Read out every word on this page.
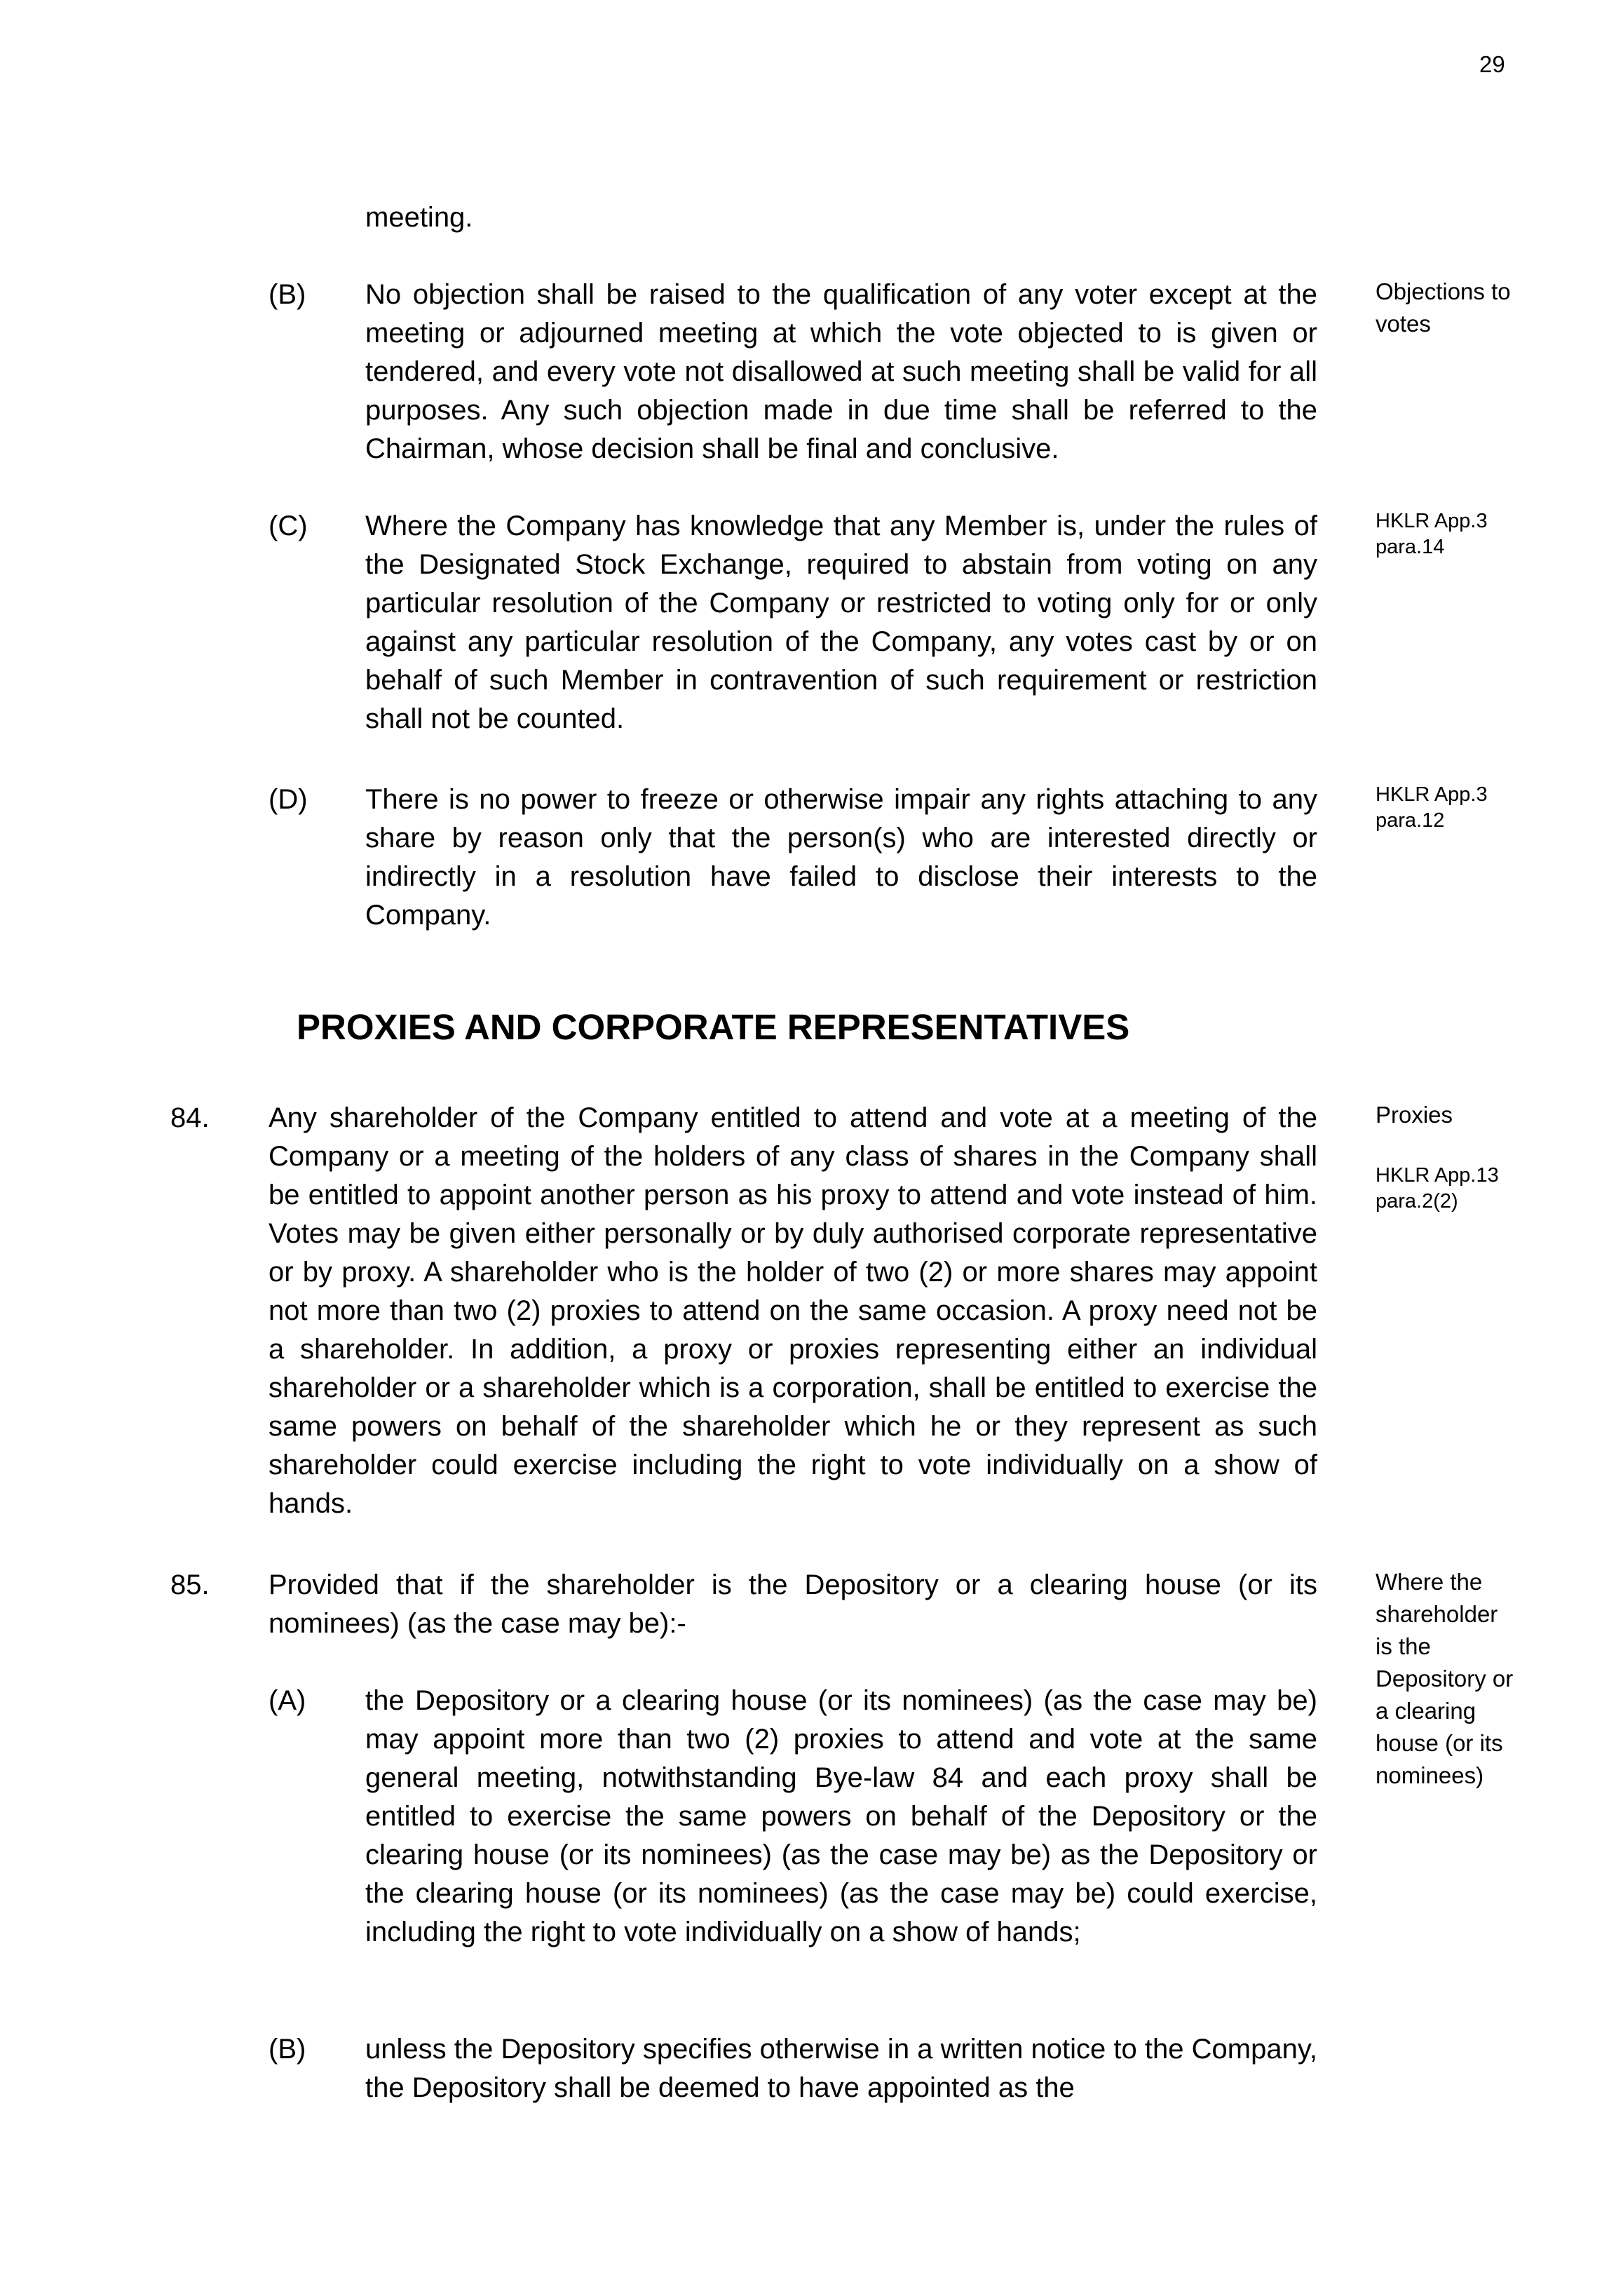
29

meeting.

(B) No objection shall be raised to the qualification of any voter except at the meeting or adjourned meeting at which the vote objected to is given or tendered, and every vote not disallowed at such meeting shall be valid for all purposes. Any such objection made in due time shall be referred to the Chairman, whose decision shall be final and conclusive.

Objections to votes
(C) Where the Company has knowledge that any Member is, under the rules of the Designated Stock Exchange, required to abstain from voting on any particular resolution of the Company or restricted to voting only for or only against any particular resolution of the Company, any votes cast by or on behalf of such Member in contravention of such requirement or restriction shall not be counted.

HKLR App.3 para.14
(D) There is no power to freeze or otherwise impair any rights attaching to any share by reason only that the person(s) who are interested directly or indirectly in a resolution have failed to disclose their interests to the Company.

HKLR App.3 para.12
PROXIES AND CORPORATE REPRESENTATIVES
84. Any shareholder of the Company entitled to attend and vote at a meeting of the Company or a meeting of the holders of any class of shares in the Company shall be entitled to appoint another person as his proxy to attend and vote instead of him. Votes may be given either personally or by duly authorised corporate representative or by proxy. A shareholder who is the holder of two (2) or more shares may appoint not more than two (2) proxies to attend on the same occasion. A proxy need not be a shareholder. In addition, a proxy or proxies representing either an individual shareholder or a shareholder which is a corporation, shall be entitled to exercise the same powers on behalf of the shareholder which he or they represent as such shareholder could exercise including the right to vote individually on a show of hands.

Proxies
HKLR App.13 para.2(2)
85. Provided that if the shareholder is the Depository or a clearing house (or its nominees) (as the case may be):-

Where the shareholder is the Depository or a clearing house (or its nominees)
(A) the Depository or a clearing house (or its nominees) (as the case may be) may appoint more than two (2) proxies to attend and vote at the same general meeting, notwithstanding Bye-law 84 and each proxy shall be entitled to exercise the same powers on behalf of the Depository or the clearing house (or its nominees) (as the case may be) as the Depository or the clearing house (or its nominees) (as the case may be) could exercise, including the right to vote individually on a show of hands;

(B) unless the Depository specifies otherwise in a written notice to the Company, the Depository shall be deemed to have appointed as the
